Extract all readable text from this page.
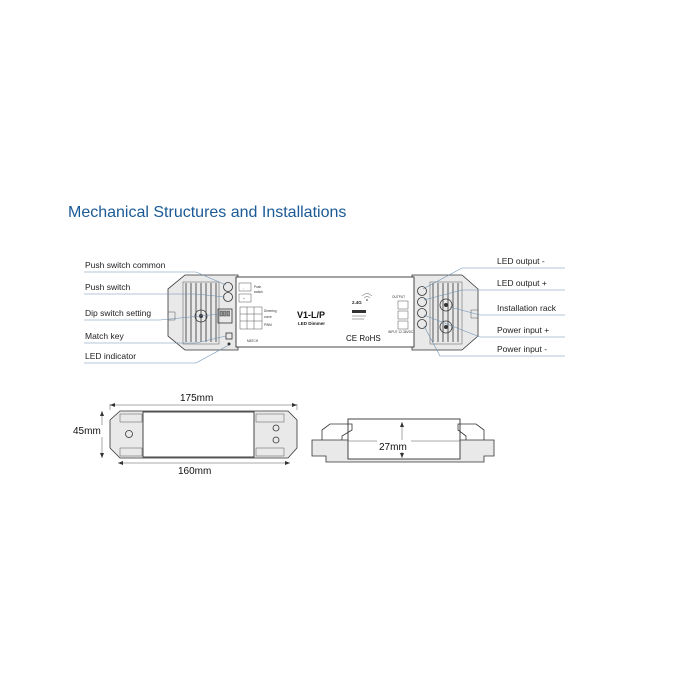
Mechanical Structures and Installations
-
+
Push
switch
Dimming
curve
PWM
MATCH
V1-L/P
LED Dimmer
2.4G
CE RoHS
OUTPUT
INPUT 12-36VDC
Push switch common
Push switch
Dip switch setting
Match key
LED indicator
LED output -
LED output +
Installation rack
Power input +
Power input -
175mm
45mm
160mm
27mm
